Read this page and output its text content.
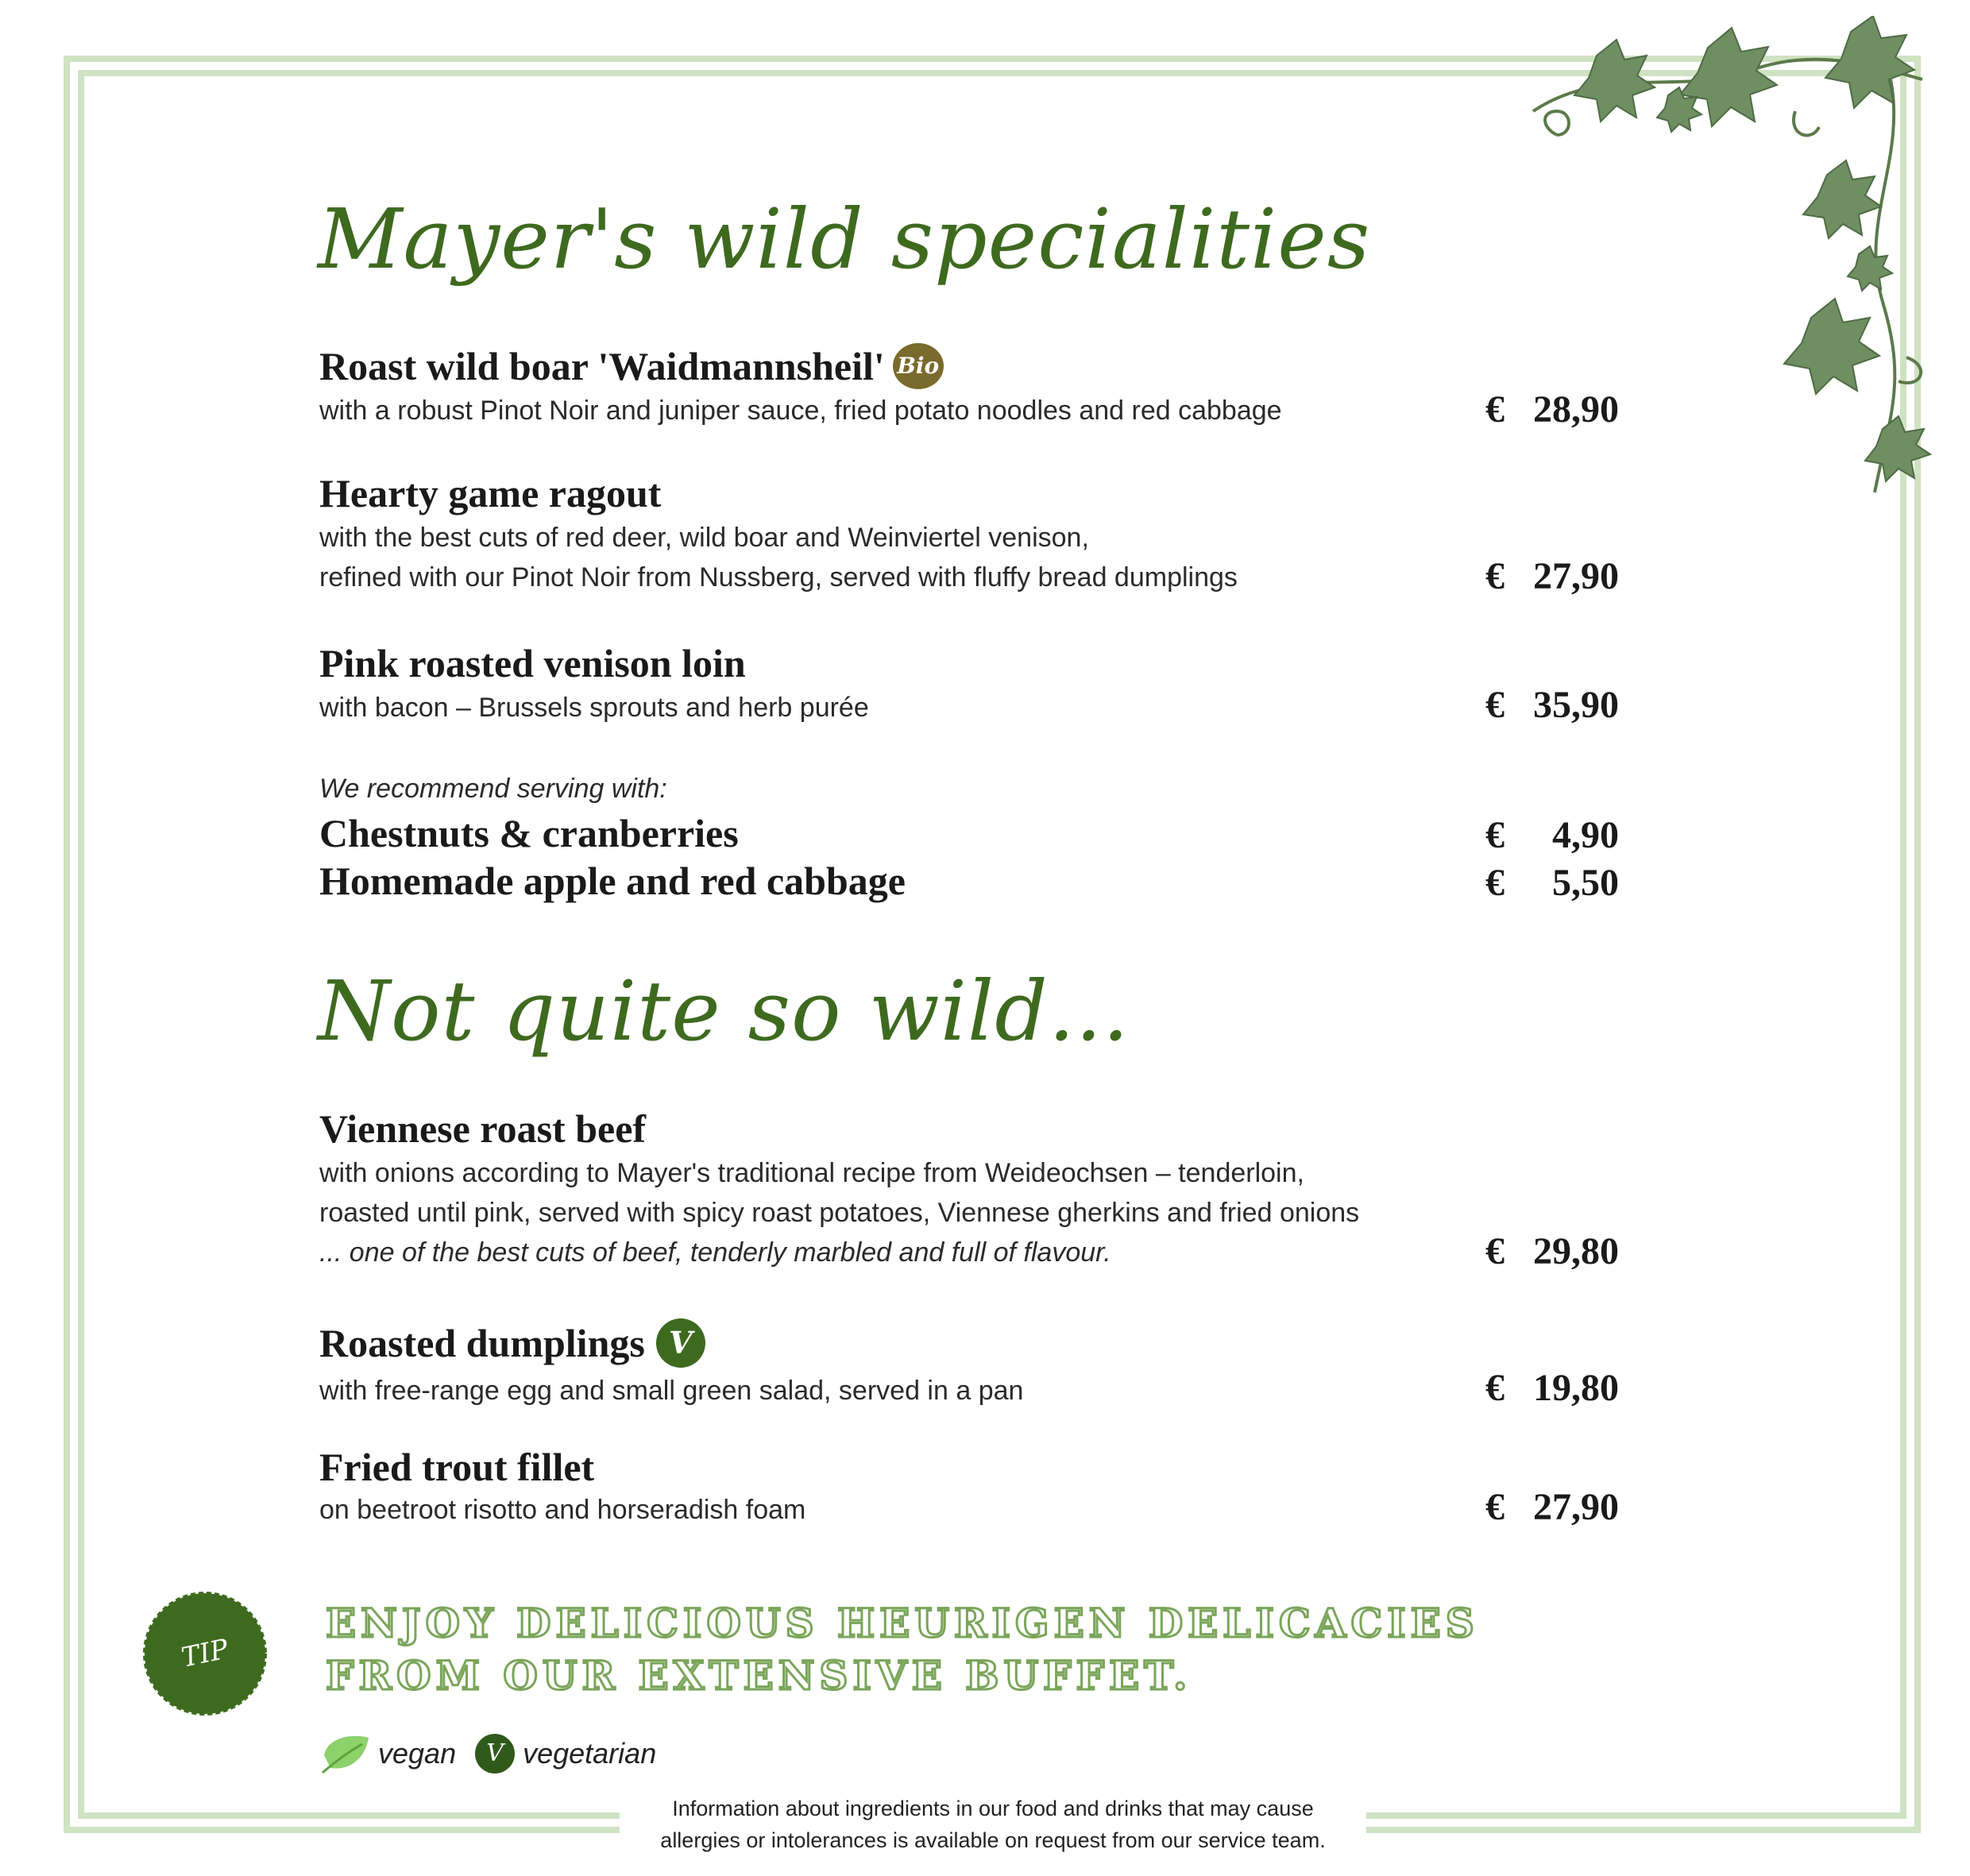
Mayer's wild specialities
Roast wild boar 'Waidmannsheil' Bio
with a robust Pinot Noir and juniper sauce, fried potato noodles and red cabbage	€ 28,90
Hearty game ragout
with the best cuts of red deer, wild boar and Weinviertel venison,
refined with our Pinot Noir from Nussberg, served with fluffy bread dumplings	€ 27,90
Pink roasted venison loin
with bacon – Brussels sprouts and herb purée	€ 35,90
We recommend serving with:
Chestnuts & cranberries	€ 4,90
Homemade apple and red cabbage	€ 5,50
Not quite so wild...
Viennese roast beef
with onions according to Mayer's traditional recipe from Weideochsen – tenderloin,
roasted until pink, served with spicy roast potatoes, Viennese gherkins and fried onions
... one of the best cuts of beef, tenderly marbled and full of flavour.	€ 29,80
Roasted dumplings V
with free-range egg and small green salad, served in a pan	€ 19,80
Fried trout fillet
on beetroot risotto and horseradish foam	€ 27,90
TIP
ENJOY DELICIOUS HEURIGEN DELICACIES
FROM OUR EXTENSIVE BUFFET.
vegan	V vegetarian
Information about ingredients in our food and drinks that may cause
allergies or intolerances is available on request from our service team.
